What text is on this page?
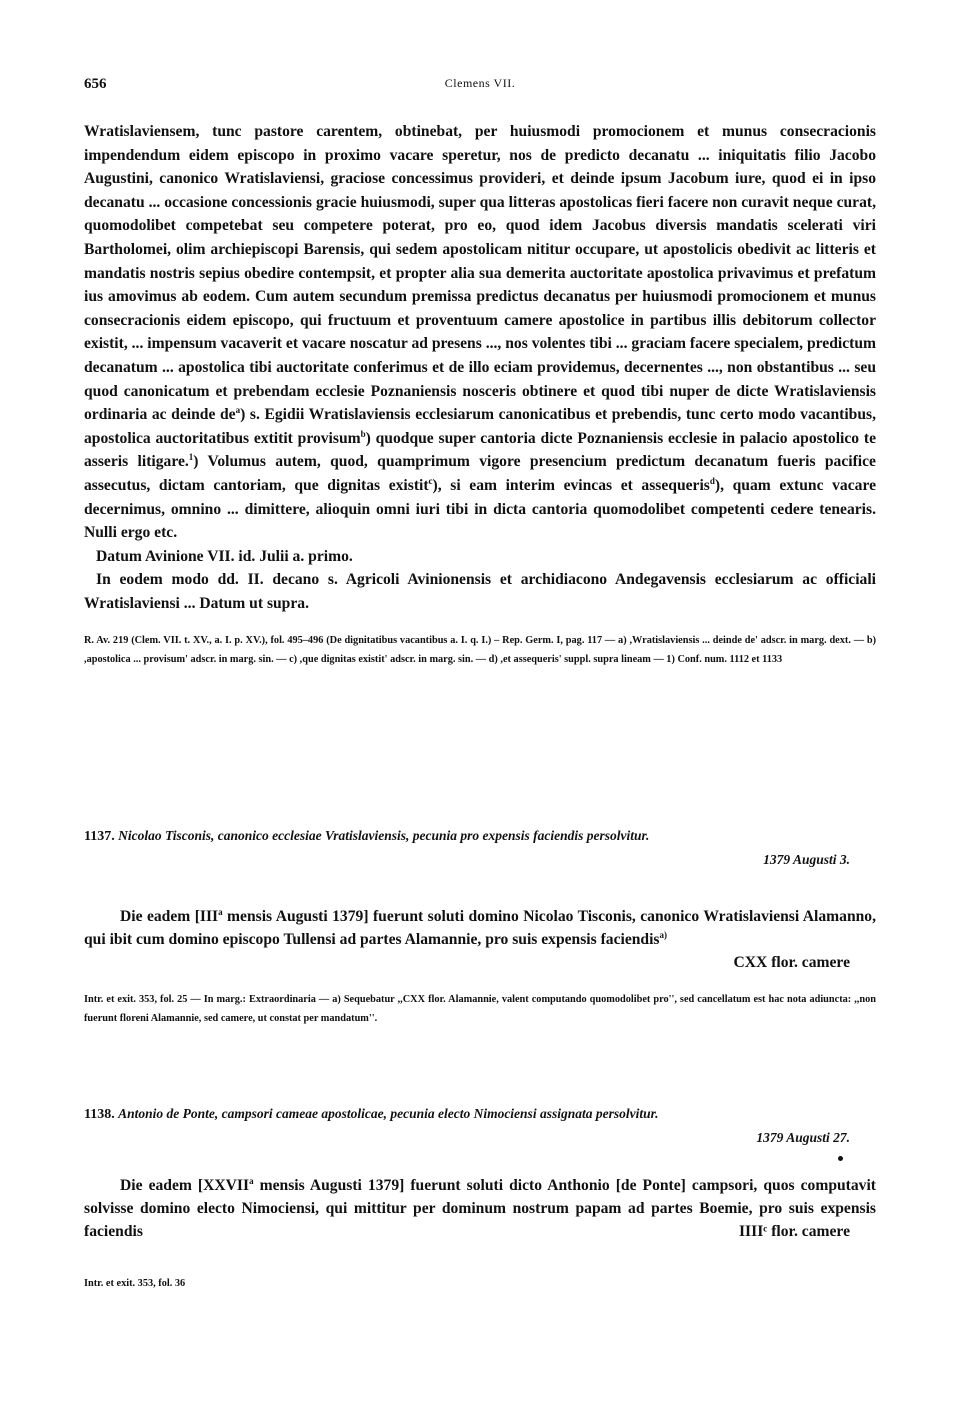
656	Clemens VII.

Wratislaviensem, tunc pastore carentem, obtinebat, per huiusmodi promocionem et munus consecracionis impendendum eidem episcopo in proximo vacare speretur, nos de predicto decanatu ... iniquitatis filio Jacobo Augustini, canonico Wratislaviensi, graciose concessimus provideri, et deinde ipsum Jacobum iure, quod ei in ipso decanatu ... occasione concessionis gracie huiusmodi, super qua litteras apostolicas fieri facere non curavit neque curat, quomodolibet competebat seu competere poterat, pro eo, quod idem Jacobus diversis mandatis scelerati viri Bartholomei, olim archiepiscopi Barensis, qui sedem apostolicam nititur occupare, ut apostolicis obedivit ac litteris et mandatis nostris sepius obedire contempsit, et propter alia sua demerita auctoritate apostolica privavimus et prefatum ius amovimus ab eodem. Cum autem secundum premissa predictus decanatus per huiusmodi promocionem et munus consecracionis eidem episcopo, qui fructuum et proventuum camere apostolice in partibus illis debitorum collector existit, ... impensum vacaverit et vacare noscatur ad presens ..., nos volentes tibi ... graciam facere specialem, predictum decanatum ... apostolica tibi auctoritate conferimus et de illo eciam providemus, decernentes ..., non obstantibus ... seu quod canonicatum et prebendam ecclesie Poznaniensis nosceris obtinere et quod tibi nuper de dicte Wratislaviensis ordinaria ac deinde $de^a$) s. Egidii Wratislaviensis ecclesiarum canonicatibus et prebendis, tunc certo modo vacantibus, apostolica auctoritatibus extitit provisum$^b$) quodque super cantoria dicte Poznaniensis ecclesie in palacio apostolico te asseris litigare.$^1$) Volumus autem, quod, quamprimum vigore presencium predictum decanatum fueris pacifice assecutus, dictam cantoriam, que dignitas existit$^c$), si eam interim evincas et assequeris$^d$), quam extunc vacare decernimus, omnino ... dimittere, alioquin omni iuri tibi in dicta cantoria quomodolibet competenti cedere tenearis. Nulli ergo etc.

Datum Avinione VII. id. Julii a. primo.

In eodem modo dd. II. decano s. Agricoli Avinionensis et archidiacono Andegavensis ecclesiarum ac officiali Wratislaviensi ... Datum ut supra.

R. Av. 219 (Clem. VII. t. XV., a. I. p. XV.), fol. 495–496 (De dignitatibus vacantibus a. I. q. I.) – Rep. Germ. I, pag. 117 — a) ,Wratislaviensis ... deinde de' adscr. in marg. dext. — b) ,apostolica ... provisum' adscr. in marg. sin. — c) ,que dignitas existit' adscr. in marg. sin. — d) ,et assequeris' suppl. supra lineam — 1) Conf. num. 1112 et 1133

1137. Nicolao Tisconis, canonico ecclesiae Vratislaviensis, pecunia pro expensis faciendis persolvitur.
1379 Augusti 3.
Die eadem [III$^a$ mensis Augusti 1379] fuerunt soluti domino Nicolao Tisconis, canonico Wratislaviensi Alamanno, qui ibit cum domino episcopo Tullensi ad partes Alamannie, pro suis expensis faciendis$^{a)}$
CXX flor. camere
Intr. et exit. 353, fol. 25 — In marg.: Extraordinaria — a) Sequebatur ,,CXX flor. Alamannie, valent computando quomodolibet pro'', sed cancellatum est hac nota adiuncta: ,,non fuerunt floreni Alamannie, sed camere, ut constat per mandatum''.
1138. Antonio de Ponte, campsori cameae apostolicae, pecunia electo Nimociensi assignata persolvitur.
1379 Augusti 27.
Die eadem [XXVII$^a$ mensis Augusti 1379] fuerunt soluti dicto Anthonio [de Ponte] campsori, quos computavit solvisse domino electo Nimociensi, qui mittitur per dominum nostrum papam ad partes Boemie, pro suis expensis faciendis	IIIIᶜ flor. camere
Intr. et exit. 353, fol. 36
